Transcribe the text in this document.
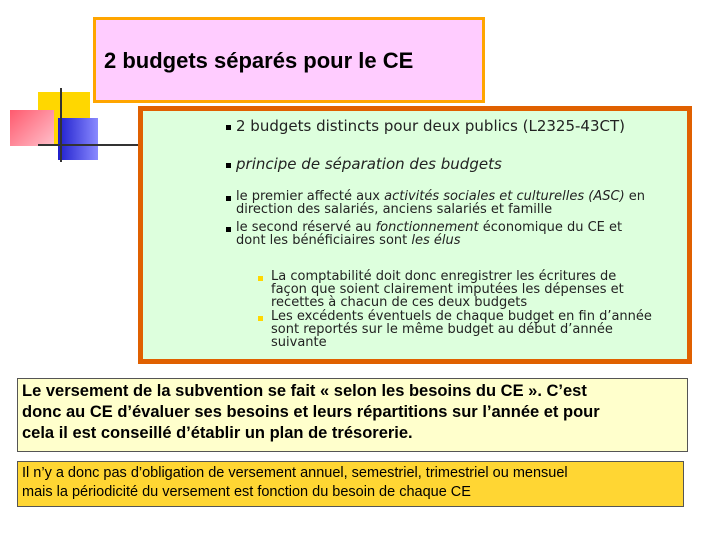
2 budgets séparés pour le CE
2 budgets distincts pour deux publics (L2325-43CT)
principe de séparation des budgets
le premier affecté aux activités sociales et culturelles (ASC) en
direction des salariés, anciens salariés et famille
le second réservé au fonctionnement économique du CE et
dont les bénéficiaires sont les élus
La comptabilité doit donc enregistrer les écritures de
façon que soient clairement imputées les dépenses et
recettes à chacun de ces deux budgets
Les excédents éventuels de chaque budget en fin d’année
sont reportés sur le même budget au début d’année
suivante
Le versement de la subvention se fait « selon les besoins du CE ». C’est
donc au CE d’évaluer ses besoins et leurs répartitions sur l’année et pour
cela il est conseillé d’établir un plan de trésorerie.
Il n’y a donc pas d’obligation de versement annuel, semestriel, trimestriel ou mensuel
mais la périodicité du versement est fonction du besoin de chaque CE
